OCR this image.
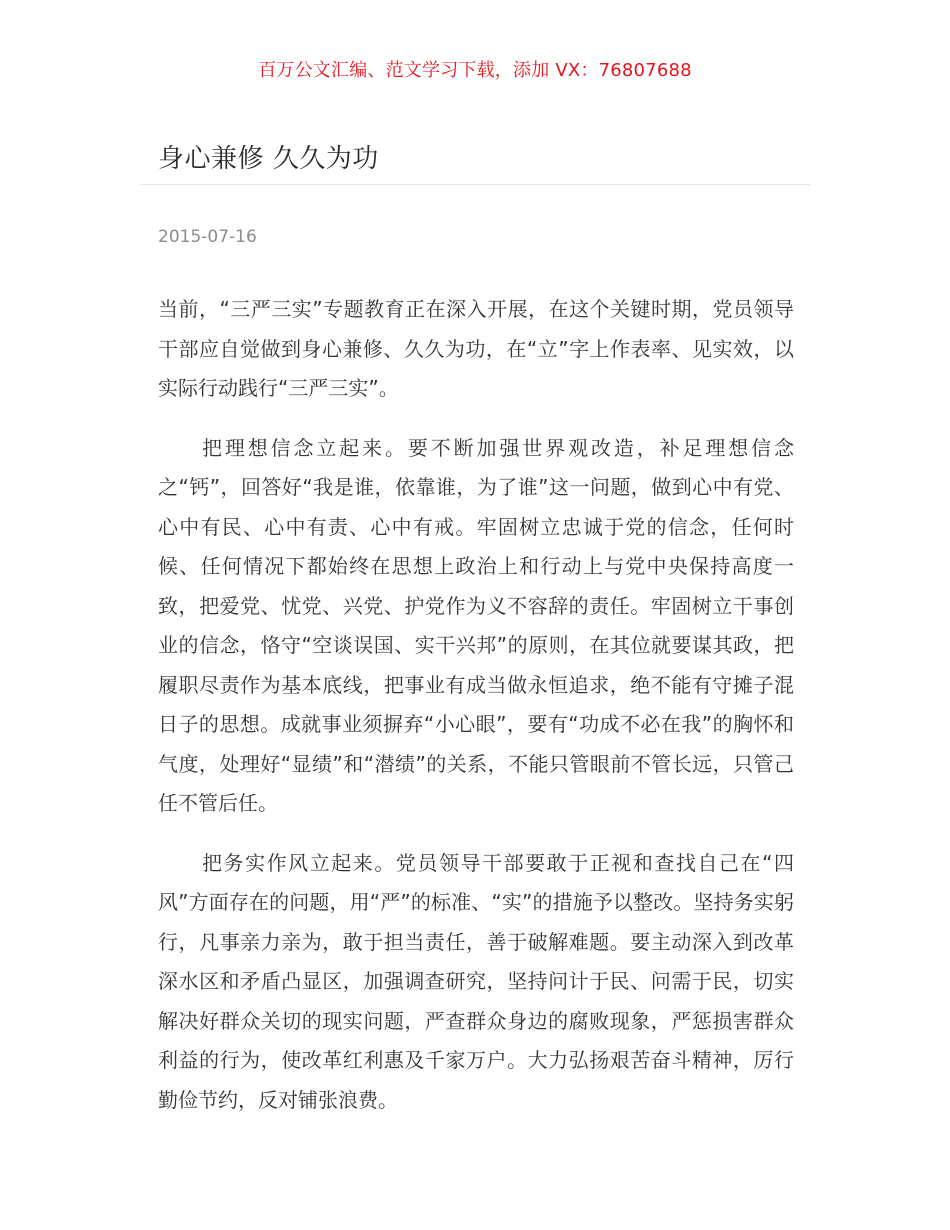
百万公文汇编、范文学习下载，添加 VX：76807688
身心兼修 久久为功
2015-07-16

当前，“三严三实”专题教育正在深入开展，在这个关键时期，党员领导干部应自觉做到身心兼修、久久为功，在“立”字上作表率、见实效，以实际行动践行“三严三实”。

把理想信念立起来。要不断加强世界观改造，补足理想信念之“钙”，回答好“我是谁，依靠谁，为了谁”这一问题，做到心中有党、心中有民、心中有责、心中有戒。牢固树立忠诚于党的信念，任何时候、任何情况下都始终在思想上政治上和行动上与党中央保持高度一致，把爱党、忧党、兴党、护党作为义不容辞的责任。牢固树立干事创业的信念，恪守“空谈误国、实干兴邦”的原则，在其位就要谋其政，把履职尽责作为基本底线，把事业有成当做永恒追求，绝不能有守摊子混日子的思想。成就事业须摒弃“小心眼”，要有“功成不必在我”的胸怀和气度，处理好“显绩”和“潜绩”的关系，不能只管眼前不管长远，只管己任不管后任。

把务实作风立起来。党员领导干部要敢于正视和查找自己在“四风”方面存在的问题，用“严”的标准、“实”的措施予以整改。坚持务实躬行，凡事亲力亲为，敢于担当责任，善于破解难题。要主动深入到改革深水区和矛盾凸显区，加强调查研究，坚持问计于民、问需于民，切实解决好群众关切的现实问题，严查群众身边的腐败现象，严惩损害群众利益的行为，使改革红利惠及千家万户。大力弘扬艰苦奋斗精神，厉行勤俭节约，反对铺张浪费。
